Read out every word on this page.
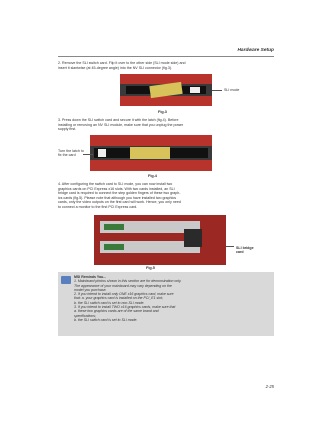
Hardware Setup
2. Remove the SLI switch card. Flip it over to the other side (SLI mode side) and
insert it slantwise (at 45-degree angle) into the NV SLI connector (fig.3).
SLI mode
Fig.3
3. Press down the SLI switch card and secure it with the latch (fig.4). Before
installing or removing an NV SLI module, make sure that you unplug the power
supply first.
Turn the latch to
fix the card
Fig.4
4. After configuring the switch card to SLI mode, you can now install two
graphics cards on PCI Express x16 slots. With two cards installed, an SLI
bridge card is required to connect the step golden fingers of these two graph-
ics cards (fig.5). Please note that although you have installed two graphics
cards, only the video outputs on the first card will work. Hence, you only need
to connect a monitor to the first PCI Express card.
SLI bridge
card
Fig.5
MSI Reminds You...
1. Mainboard photos shown in this section are for demonstration only.
The appearance of your mainboard may vary depending on the
model you purchase.
2. If you intend to install only ONE x16 graphics card, make sure
that: a. your graphics card is installed on the PCI_E1 slot;
b. the SLI switch card is set to non-SLI mode.
3. If you intend to install TWO x16 graphics cards, make sure that
a. these two graphics cards are of the same brand and
specifications;
b. the SLI switch card is set to SLI mode.
2-25
